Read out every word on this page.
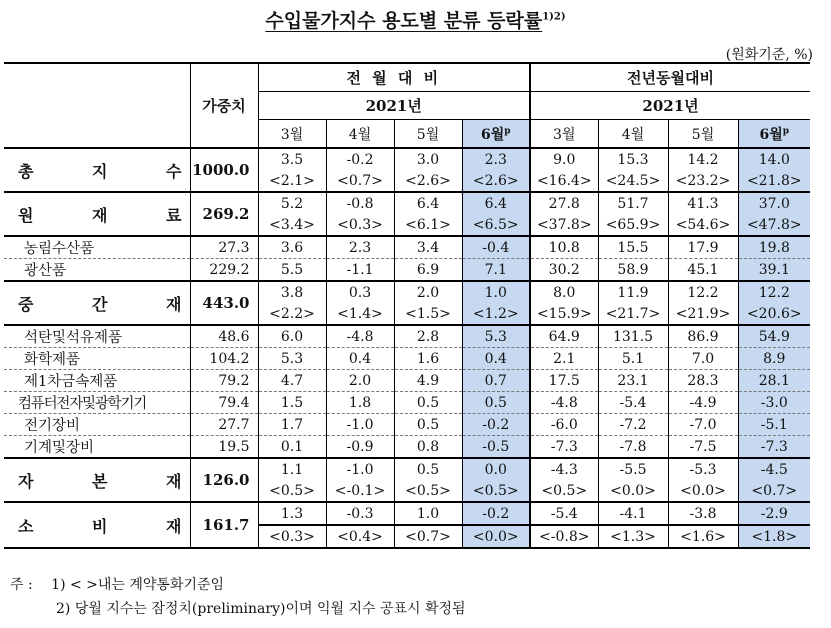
수입물가지수 용도별 분류 등락률$^{1)2)}$
(원화기준, %)
	가중치	전 월 대 비				전년동월대비			
		2021년				2021년			
		3월	4월	5월	6월$^p$	3월	4월	5월	6월$^p$
총 지 수	1000.0	3.5	-0.2	3.0	2.3	9.0	15.3	14.2	14.0
		<2.1>	<0.7>	<2.6>	<2.6>	<16.4>	<24.5>	<23.2>	<21.8>
원 재 료	269.2	5.2	-0.8	6.4	6.4	27.8	51.7	41.3	37.0
		<3.4>	<0.3>	<6.1>	<6.5>	<37.8>	<65.9>	<54.6>	<47.8>
농림수산품	27.3	3.6	2.3	3.4	-0.4	10.8	15.5	17.9	19.8
광산품	229.2	5.5	-1.1	6.9	7.1	30.2	58.9	45.1	39.1
중 간 재	443.0	3.8	0.3	2.0	1.0	8.0	11.9	12.2	12.2
		<2.2>	<1.4>	<1.5>	<1.2>	<15.9>	<21.7>	<21.9>	<20.6>
석탄및석유제품	48.6	6.0	-4.8	2.8	5.3	64.9	131.5	86.9	54.9
화학제품	104.2	5.3	0.4	1.6	0.4	2.1	5.1	7.0	8.9
제1차금속제품	79.2	4.7	2.0	4.9	0.7	17.5	23.1	28.3	28.1
컴퓨터전자및광학기기	79.4	1.5	1.8	0.5	0.5	-4.8	-5.4	-4.9	-3.0
전기장비	27.7	1.7	-1.0	0.5	-0.2	-6.0	-7.2	-7.0	-5.1
기계및장비	19.5	0.1	-0.9	0.8	-0.5	-7.3	-7.8	-7.5	-7.3
자 본 재	126.0	1.1	-1.0	0.5	0.0	-4.3	-5.5	-5.3	-4.5
		<0.5>	<-0.1>	<0.5>	<0.5>	<0.5>	<0.0>	<0.0>	<0.7>
소 비 재	161.7	1.3	-0.3	1.0	-0.2	-5.4	-4.1	-3.8	-2.9
		<0.3>	<0.4>	<0.7>	<0.0>	<-0.8>	<1.3>	<1.6>	<1.8>
주 : 1) < >내는 계약통화기준임
2) 당월 지수는 잠정치(preliminary)이며 익월 지수 공표시 확정됨
